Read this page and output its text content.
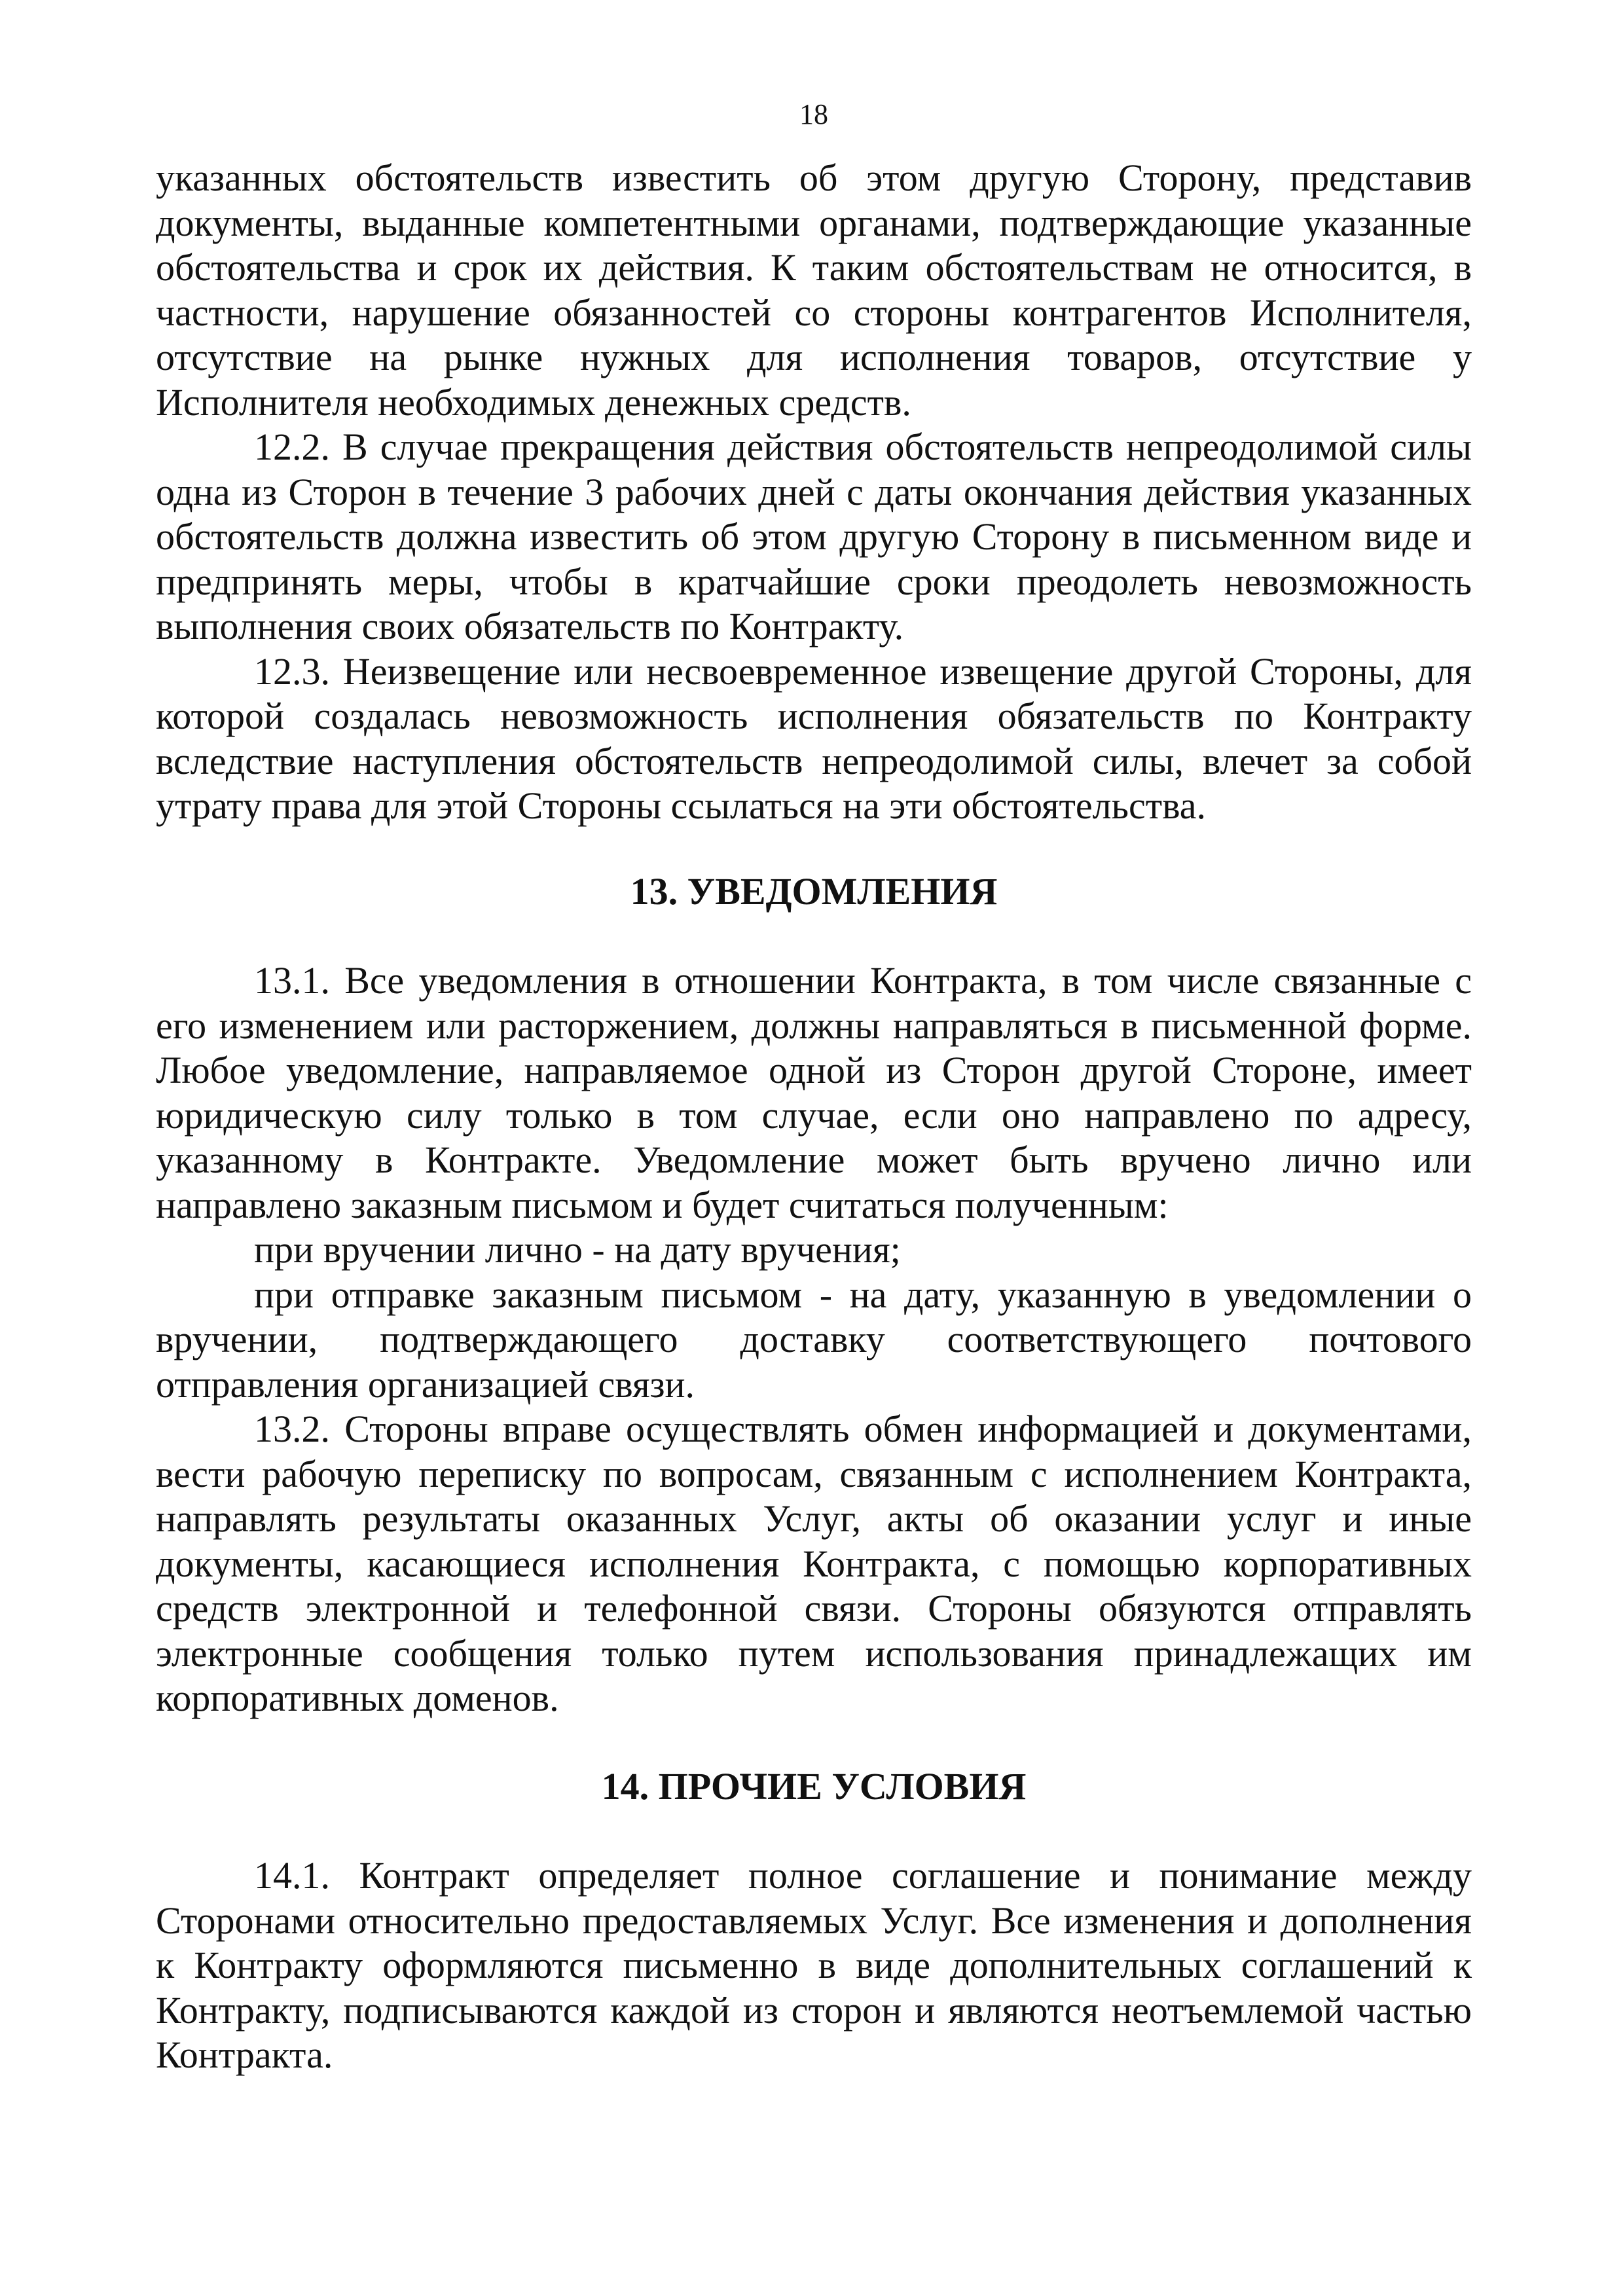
18

указанных обстоятельств известить об этом другую Сторону, представив документы, выданные компетентными органами, подтверждающие указанные обстоятельства и срок их действия. К таким обстоятельствам не относится, в частности, нарушение обязанностей со стороны контрагентов Исполнителя, отсутствие на рынке нужных для исполнения товаров, отсутствие у Исполнителя необходимых денежных средств.

12.2. В случае прекращения действия обстоятельств непреодолимой силы одна из Сторон в течение 3 рабочих дней с даты окончания действия указанных обстоятельств должна известить об этом другую Сторону в письменном виде и предпринять меры, чтобы в кратчайшие сроки преодолеть невозможность выполнения своих обязательств по Контракту.

12.3. Неизвещение или несвоевременное извещение другой Стороны, для которой создалась невозможность исполнения обязательств по Контракту вследствие наступления обстоятельств непреодолимой силы, влечет за собой утрату права для этой Стороны ссылаться на эти обстоятельства.

13. УВЕДОМЛЕНИЯ

13.1. Все уведомления в отношении Контракта, в том числе связанные с его изменением или расторжением, должны направляться в письменной форме. Любое уведомление, направляемое одной из Сторон другой Стороне, имеет юридическую силу только в том случае, если оно направлено по адресу, указанному в Контракте. Уведомление может быть вручено лично или направлено заказным письмом и будет считаться полученным:

при вручении лично - на дату вручения;

при отправке заказным письмом - на дату, указанную в уведомлении о вручении, подтверждающего доставку соответствующего почтового отправления организацией связи.

13.2. Стороны вправе осуществлять обмен информацией и документами, вести рабочую переписку по вопросам, связанным с исполнением Контракта, направлять результаты оказанных Услуг, акты об оказании услуг и иные документы, касающиеся исполнения Контракта, с помощью корпоративных средств электронной и телефонной связи. Стороны обязуются отправлять электронные сообщения только путем использования принадлежащих им корпоративных доменов.

14. ПРОЧИЕ УСЛОВИЯ

14.1. Контракт определяет полное соглашение и понимание между Сторонами относительно предоставляемых Услуг. Все изменения и дополнения к Контракту оформляются письменно в виде дополнительных соглашений к Контракту, подписываются каждой из сторон и являются неотъемлемой частью Контракта.
